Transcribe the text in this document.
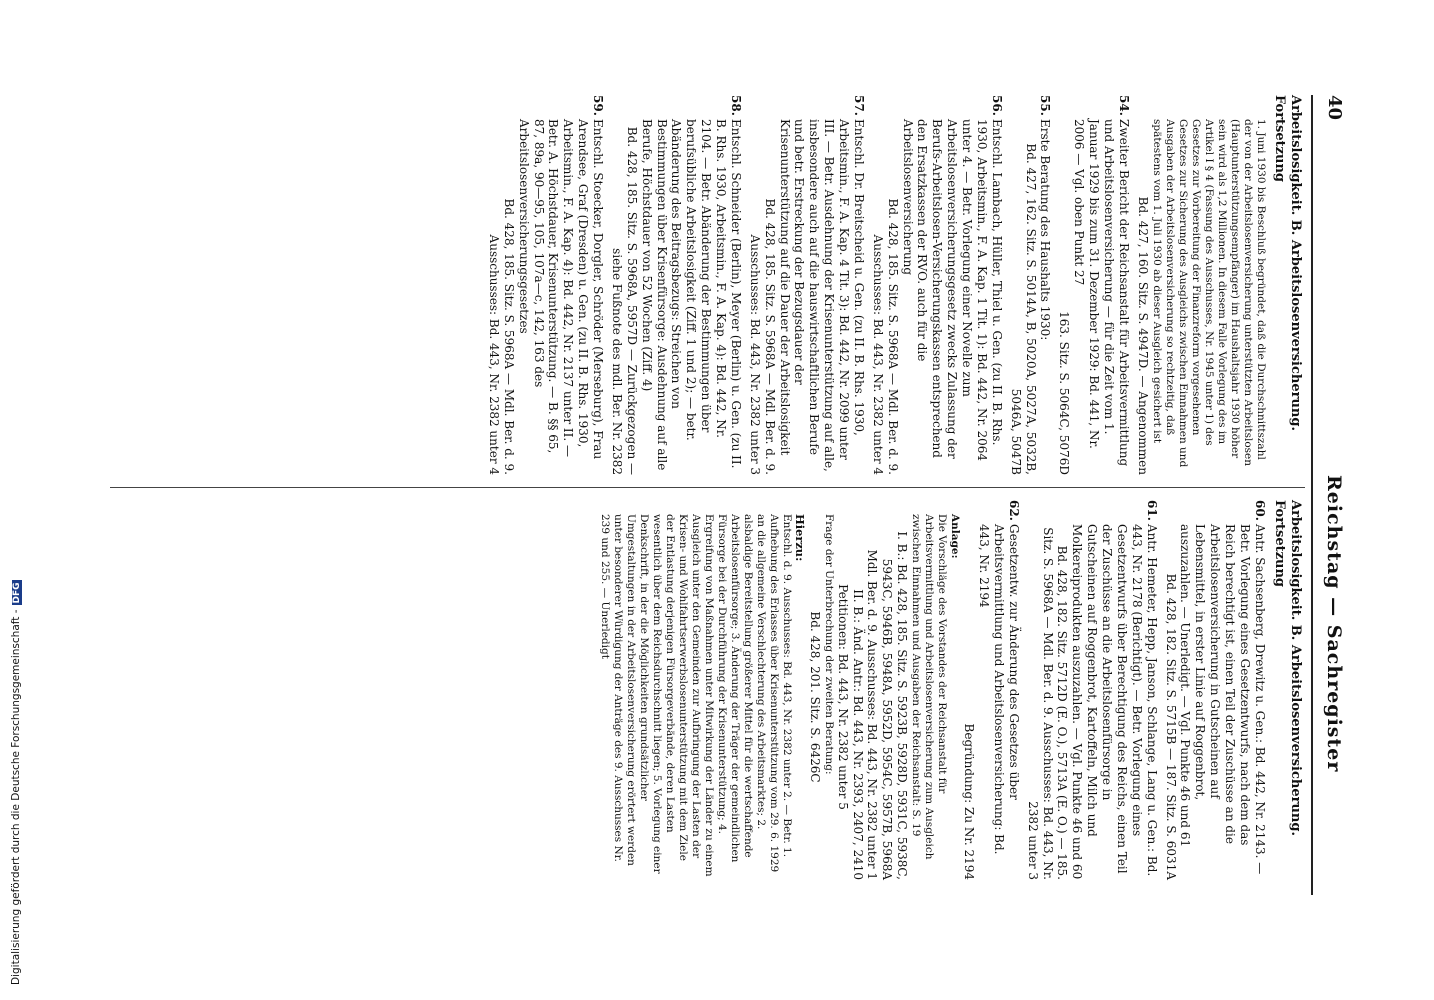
40
Reichstag — Sachregister
Arbeitslosigkeit. B. Arbeitslosenversicherung. Fortsetzung
1. Juni 1930 bis Beschluß begründet, daß die Durchschnittszahl der von der Arbeitslosenversicherung unterstützten Arbeitslosen (Hauptunterstützungsempfänger) im Haushaltsjahr 1930 höher sein wird als 1,2 Millionen. In diesem Falle Vorlegung des im Artikel I § 4 (Fassung des Ausschusses, Nr. 1945 unter 1) des Gesetzes zur Vorbereitung der Finanzreform vorgesehenen Gesetzes zur Sicherung des Ausgleichs zwischen Einnahmen und Ausgaben der Arbeitslosenversicherung so rechtzeitig, daß spätestens vom 1. Juli 1930 ab dieser Ausgleich gesichert ist
Bd. 427, 160. Sitz. S. 4947D. — Angenommen
54.
Zweiter Bericht der Reichsanstalt für Arbeitsvermittlung und Arbeitslosenversicherung — für die Zeit vom 1. Januar 1929 bis zum 31. Dezember 1929: Bd. 441, Nr. 2006 — Vgl. oben Punkt 27
163. Sitz. S. 5064C, 5076D
55.
Erste Beratung des Haushalts 1930:
Bd. 427, 162. Sitz. S. 5014A, B, 5020A, 5027A, 5032B, 5046A, 5047B
56.
Entschl. Lambach, Hüller, Thiel u. Gen. (zu II. B. Rhs. 1930, Arbeitsmin., F. A. Kap. 1 Tit. 1): Bd. 442, Nr. 2064 unter 4. — Betr. Vorlegung einer Novelle zum Arbeitslosenversicherungsgesetz zwecks Zulassung der Berufs-Arbeitslosen-Versicherungskassen entsprechend den Ersatzkassen der RVO. auch für die Arbeitslosenversicherung
Bd. 428, 185. Sitz. S. 5968A — Mdl. Ber. d. 9. Ausschusses: Bd. 443, Nr. 2382 unter 4
57.
Entschl. Dr. Breitscheid u. Gen. (zu II. B. Rhs. 1930, Arbeitsmin., F. A. Kap. 4 Tit. 3): Bd. 442, Nr. 2099 unter III. — Betr. Ausdehnung der Krisenunterstützung auf alle, insbesondere auch auf die hauswirtschaftlichen Berufe und betr. Erstreckung der Bezugsdauer der Krisenunterstützung auf die Dauer der Arbeitslosigkeit
Bd. 428, 185. Sitz. S. 5968A — Mdl. Ber. d. 9. Ausschusses: Bd. 443, Nr. 2382 unter 3
58.
Entschl. Schneider (Berlin), Meyer (Berlin) u. Gen. (zu II. B. Rhs. 1930, Arbeitsmin., F. A. Kap. 4): Bd. 442, Nr. 2104. — Betr. Abänderung der Bestimmungen über berufsübliche Arbeitslosigkeit (Ziff. 1 und 2); — betr. Abänderung des Beitragsbezugs: Streichen von Bestimmungen über Krisenfürsorge: Ausdehnung auf alle Berufe, Höchstdauer von 52 Wochen (Ziff. 4)
Bd. 428, 185. Sitz. S. 5968A, 5957D — Zurückgezogen — siehe Fußnote des mdl. Ber. Nr. 2382
59.
Entschl. Stoecker, Dorgler, Schröder (Merseburg), Frau Arendsee, Graf (Dresden) u. Gen. (zu II. B. Rhs. 1930, Arbeitsmin., F. A. Kap. 4): Bd. 442, Nr. 2137 unter II. — Betr. A. Höchstdauer, Krisenunterstützung. — B. §§ 65, 87, 89a, 90—95, 105, 107a—c, 142, 163 des Arbeitslosenversicherungsgesetzes
Bd. 428, 185. Sitz. S. 5968A — Mdl. Ber. d. 9. Ausschusses: Bd. 443, Nr. 2382 unter 4
Arbeitslosigkeit. B. Arbeitslosenversicherung. Fortsetzung
60.
Antr. Sachsenberg, Drewitz u. Gen.: Bd. 442, Nr. 2143. — Betr. Vorlegung eines Gesetzentwurfs, nach dem das Reich berechtigt ist, einen Teil der Zuschüsse an die Arbeitslosenversicherung in Gutscheinen auf Lebensmittel, in erster Linie auf Roggenbrot, auszuzahlen. — Unerledigt. — Vgl. Punkte 46 und 61
Bd. 428, 182. Sitz. S. 5715B — 187. Sitz. S. 6031A
61.
Antr. Hemeter, Hepp, Janson, Schlange, Lang u. Gen.: Bd. 443, Nr. 2178 (Berichtigt). — Betr. Vorlegung eines Gesetzentwurfs über Berechtigung des Reichs, einen Teil der Zuschüsse an die Arbeitslosenfürsorge in Gutscheinen auf Roggenbrot, Kartoffeln, Milch und Molkereiprodukten auszuzahlen. — Vgl. Punkte 46 und 60
Bd. 428, 182. Sitz. 5712D (E. O.), 5713A (E. O.) — 185. Sitz. S. 5968A — Mdl. Ber. d. 9. Ausschusses: Bd. 443, Nr. 2382 unter 3
62.
Gesetzentw. zur Änderung des Gesetzes über Arbeitsvermittlung und Arbeitslosenversicherung: Bd. 443, Nr. 2194
Begründung: Zu Nr. 2194
Anlage:
Die Vorschläge des Vorstandes der Reichsanstalt für Arbeitsvermittlung und Arbeitslosenversicherung zum Ausgleich zwischen Einnahmen und Ausgaben der Reichsanstalt: S. 19
I. B.: Bd. 428, 185. Sitz. S. 5923B, 5928D, 5931C, 5938C, 5943C, 5946B, 5948A, 5952D, 5954C, 5957B, 5968A
Mdl. Ber. d. 9. Ausschusses: Bd. 443, Nr. 2382 unter 1
II. B.: Änd. Antr.: Bd. 443, Nr. 2393, 2407, 2410
Petitionen: Bd. 443, Nr. 2382 unter 5
Frage der Unterbrechung der zweiten Beratung:
Bd. 428, 201. Sitz. S. 6426C
Hierzu:
Entschl. d. 9. Ausschusses: Bd. 443, Nr. 2382 unter 2. — Betr. 1. Aufhebung des Erlasses über Krisenunterstützung vom 29. 6. 1929 an die allgemeine Verschlechterung des Arbeitsmarktes; 2. alsbaldige Bereitstellung größerer Mittel für die wertschaffende Arbeitslosenfürsorge; 3. Änderung der Träger der gemeindlichen Fürsorge bei der Durchführung der Krisenunterstützung; 4. Ergreifung von Maßnahmen unter Mitwirkung der Länder zu einem Ausgleich unter den Gemeinden zur Aufbringung der Lasten der Krisen- und Wohlfahrtserwerbslosenunterstützung mit dem Ziele der Entlastung derjenigen Fürsorgeverbände, deren Lasten wesentlich über dem Reichsdurchschnitt liegen; 5. Vorlegung einer Denkschrift, in der die Möglichkeiten grundsätzlicher Umgestaltungen in der Arbeitslosenversicherung erörtert werden unter besonderer Würdigung der Anträge des 9. Ausschusses Nr. 239 und 255. — Unerledigt
Digitalisierung gefördert durch die Deutsche Forschungsgemeinschaft -DFG
